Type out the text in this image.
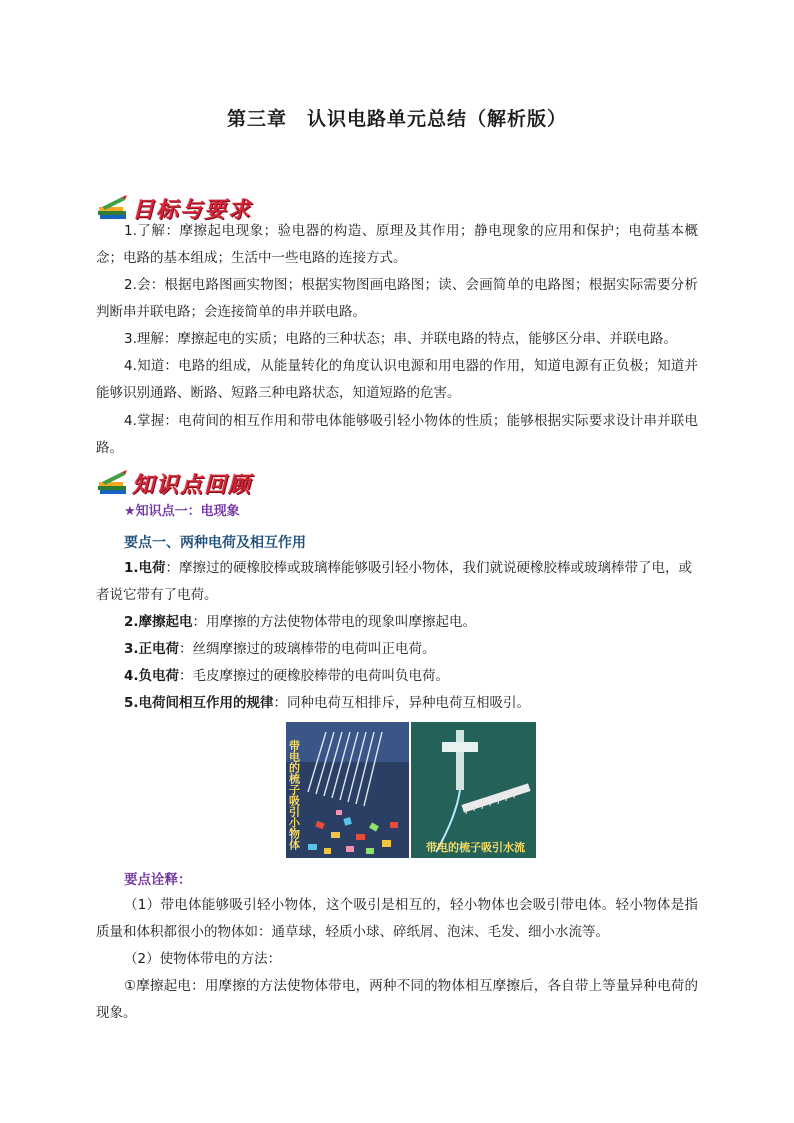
第三章　认识电路单元总结（解析版）
目标与要求
1.了解：摩擦起电现象；验电器的构造、原理及其作用；静电现象的应用和保护；电荷基本概念；电路的基本组成；生活中一些电路的连接方式。
2.会：根据电路图画实物图；根据实物图画电路图；读、会画简单的电路图；根据实际需要分析判断串并联电路；会连接简单的串并联电路。
3.理解：摩擦起电的实质；电路的三种状态；串、并联电路的特点，能够区分串、并联电路。
4.知道：电路的组成，从能量转化的角度认识电源和用电器的作用，知道电源有正负极；知道并能够识别通路、断路、短路三种电路状态，知道短路的危害。
4.掌握：电荷间的相互作用和带电体能够吸引轻小物体的性质；能够根据实际要求设计串并联电路。
知识点回顾
★知识点一：电现象
要点一、两种电荷及相互作用
1.电荷：摩擦过的硬橡胶棒或玻璃棒能够吸引轻小物体，我们就说硬橡胶棒或玻璃棒带了电，或者说它带有了电荷。
2.摩擦起电：用摩擦的方法使物体带电的现象叫摩擦起电。
3.正电荷：丝绸摩擦过的玻璃棒带的电荷叫正电荷。
4.负电荷：毛皮摩擦过的硬橡胶棒带的电荷叫负电荷。
5.电荷间相互作用的规律：同种电荷互相排斥，异种电荷互相吸引。
带电的梳子吸引小物体	带电的梳子吸引水流
要点诠释：
（1）带电体能够吸引轻小物体，这个吸引是相互的，轻小物体也会吸引带电体。轻小物体是指质量和体积都很小的物体如：通草球，轻质小球、碎纸屑、泡沫、毛发、细小水流等。
（2）使物体带电的方法：
①摩擦起电：用摩擦的方法使物体带电，两种不同的物体相互摩擦后，各自带上等量异种电荷的现象。
